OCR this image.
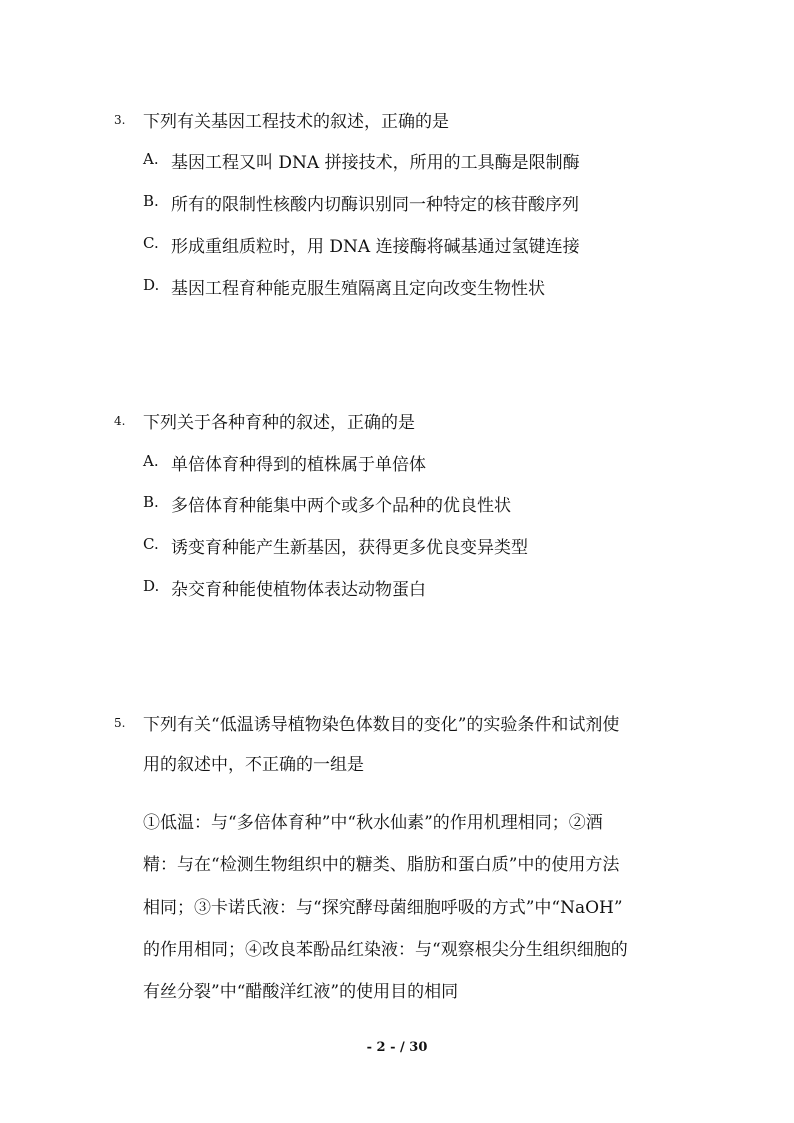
3. 下列有关基因工程技术的叙述，正确的是
A. 基因工程又叫 DNA 拼接技术，所用的工具酶是限制酶
B. 所有的限制性核酸内切酶识别同一种特定的核苷酸序列
C. 形成重组质粒时，用 DNA 连接酶将碱基通过氢键连接
D. 基因工程育种能克服生殖隔离且定向改变生物性状
4. 下列关于各种育种的叙述，正确的是
A. 单倍体育种得到的植株属于单倍体
B. 多倍体育种能集中两个或多个品种的优良性状
C. 诱变育种能产生新基因，获得更多优良变异类型
D. 杂交育种能使植物体表达动物蛋白
5. 下列有关“低温诱导植物染色体数目的变化”的实验条件和试剂使
用的叙述中，不正确的一组是
①低温：与“多倍体育种”中“秋水仙素”的作用机理相同；②酒
精：与在“检测生物组织中的糖类、脂肪和蛋白质”中的使用方法
相同；③卡诺氏液：与“探究酵母菌细胞呼吸的方式”中“NaOH”
的作用相同；④改良苯酚品红染液：与“观察根尖分生组织细胞的
有丝分裂”中“醋酸洋红液”的使用目的相同
- 2 - / 30
